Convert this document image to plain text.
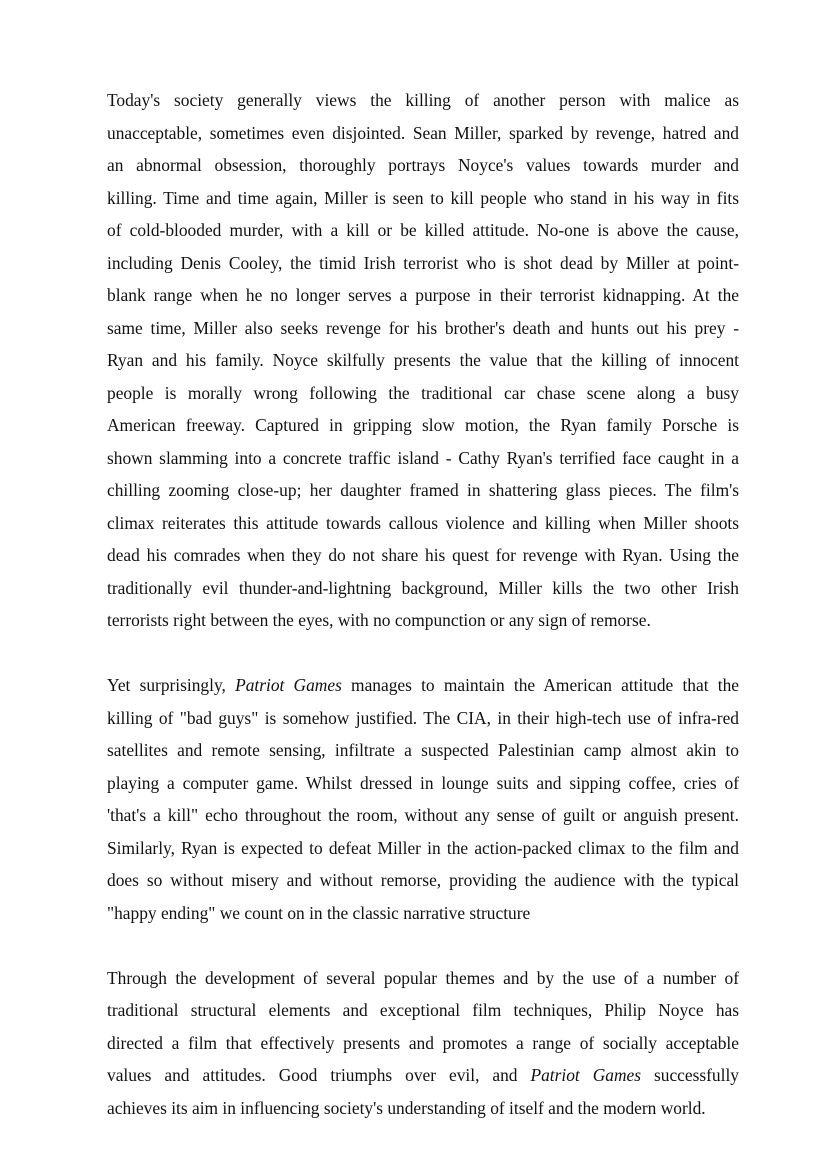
Today's society generally views the killing of another person with malice as
unacceptable, sometimes even disjointed. Sean Miller, sparked by revenge, hatred and
an abnormal obsession, thoroughly portrays Noyce's values towards murder and
killing. Time and time again, Miller is seen to kill people who stand in his way in fits
of cold-blooded murder, with a kill or be killed attitude. No-one is above the cause,
including Denis Cooley, the timid Irish terrorist who is shot dead by Miller at point-
blank range when he no longer serves a purpose in their terrorist kidnapping. At the
same time, Miller also seeks revenge for his brother's death and hunts out his prey -
Ryan and his family. Noyce skilfully presents the value that the killing of innocent
people is morally wrong following the traditional car chase scene along a busy
American freeway. Captured in gripping slow motion, the Ryan family Porsche is
shown slamming into a concrete traffic island - Cathy Ryan's terrified face caught in a
chilling zooming close-up; her daughter framed in shattering glass pieces. The film's
climax reiterates this attitude towards callous violence and killing when Miller shoots
dead his comrades when they do not share his quest for revenge with Ryan. Using the
traditionally evil thunder-and-lightning background, Miller kills the two other Irish
terrorists right between the eyes, with no compunction or any sign of remorse.

Yet surprisingly, Patriot Games manages to maintain the American attitude that the
killing of "bad guys" is somehow justified. The CIA, in their high-tech use of infra-red
satellites and remote sensing, infiltrate a suspected Palestinian camp almost akin to
playing a computer game. Whilst dressed in lounge suits and sipping coffee, cries of
'that's a kill" echo throughout the room, without any sense of guilt or anguish present.
Similarly, Ryan is expected to defeat Miller in the action-packed climax to the film and
does so without misery and without remorse, providing the audience with the typical
"happy ending" we count on in the classic narrative structure

Through the development of several popular themes and by the use of a number of
traditional structural elements and exceptional film techniques, Philip Noyce has
directed a film that effectively presents and promotes a range of socially acceptable
values and attitudes. Good triumphs over evil, and Patriot Games successfully
achieves its aim in influencing society's understanding of itself and the modern world.
